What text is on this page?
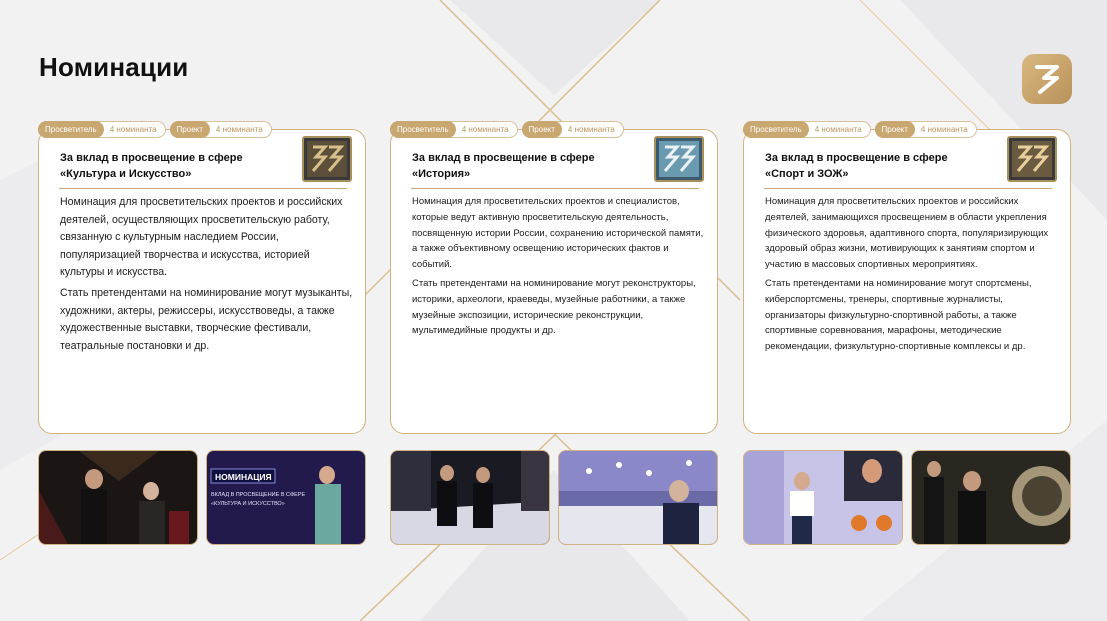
Номинации
За вклад в просвещение в сфере
«Культура и Искусство»

Номинация для просветительских проектов и российских деятелей, осуществляющих просветительскую работу, связанную с культурным наследием России, популяризацией творчества и искусства, историей культуры и искусства.

Стать претендентами на номинирование могут музыканты, художники, актеры, режиссеры, искусствоведы, а также художественные выставки, творческие фестивали, театральные постановки и др.

Просветитель	4 номинанта	Проект	4 номинанта
НОМИНАЦИЯ
ВКЛАД В ПРОСВЕЩЕНИЕ В СФЕРЕ
«КУЛЬТУРА И ИСКУССТВО»
За вклад в просвещение в сфере
«История»

Номинация для просветительских проектов и специалистов, которые ведут активную просветительскую деятельность, посвященную истории России, сохранению исторической памяти, а также объективному освещению исторических фактов и событий.

Стать претендентами на номинирование могут реконструкторы, историки, археологи, краеведы, музейные работники, а также музейные экспозиции, исторические реконструкции, мультимедийные продукты и др.

Просветитель	4 номинанта	Проект	4 номинанта
За вклад в просвещение в сфере
«Спорт и ЗОЖ»

Номинация для просветительских проектов и российских деятелей, занимающихся просвещением в области укрепления физического здоровья, адаптивного спорта, популяризирующих здоровый образ жизни, мотивирующих к занятиям спортом и участию в массовых спортивных мероприятиях.

Стать претендентами на номинирование могут спортсмены, киберспортсмены, тренеры, спортивные журналисты, организаторы физкультурно-спортивной работы, а также спортивные соревнования, марафоны, методические рекомендации, физкультурно-спортивные комплексы и др.

Просветитель	4 номинанта	Проект	4 номинанта
